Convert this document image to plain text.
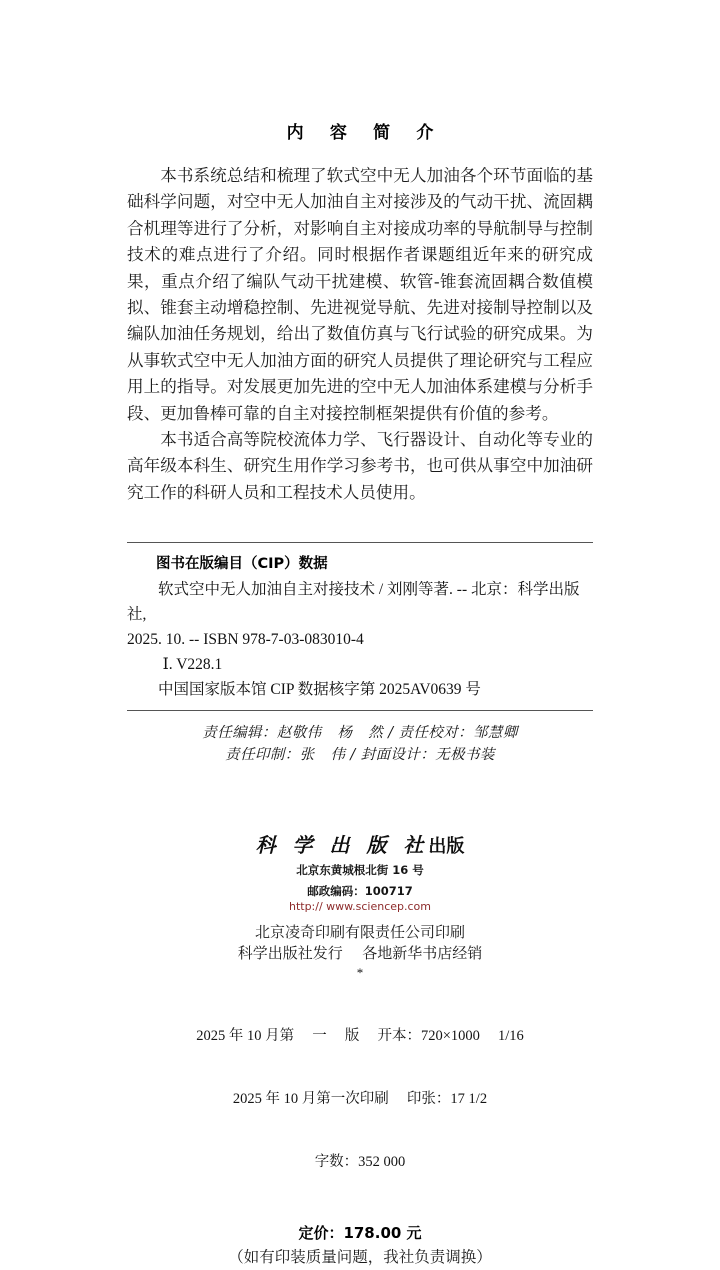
内 容 简 介

本书系统总结和梳理了软式空中无人加油各个环节面临的基础科学问题，对空中无人加油自主对接涉及的气动干扰、流固耦合机理等进行了分析，对影响自主对接成功率的导航制导与控制技术的难点进行了介绍。同时根据作者课题组近年来的研究成果，重点介绍了编队气动干扰建模、软管-锥套流固耦合数值模拟、锥套主动增稳控制、先进视觉导航、先进对接制导控制以及编队加油任务规划，给出了数值仿真与飞行试验的研究成果。为从事软式空中无人加油方面的研究人员提供了理论研究与工程应用上的指导。对发展更加先进的空中无人加油体系建模与分析手段、更加鲁棒可靠的自主对接控制框架提供有价值的参考。

本书适合高等院校流体力学、飞行器设计、自动化等专业的高年级本科生、研究生用作学习参考书，也可供从事空中加油研究工作的科研人员和工程技术人员使用。

图书在版编目（CIP）数据
软式空中无人加油自主对接技术 / 刘刚等著. -- 北京：科学出版社,
2025. 10. -- ISBN 978-7-03-083010-4
Ⅰ. V228.1
中国国家版本馆 CIP 数据核字第 2025AV0639 号
责任编辑：赵敬伟 杨 然 / 责任校对：邹慧卿
责任印制：张 伟 / 封面设计：无极书装
科 学 出 版 社出版
北京东黄城根北街 16 号
邮政编码：100717
http:// www.sciencep.com
北京凌奇印刷有限责任公司印刷
科学出版社发行 各地新华书店经销
*

2025 年 10 月第　 一　 版　 开本：720×1000　 1/16

2025 年 10 月第一次印刷　 印张：17 1/2

字数：352 000

定价：178.00 元
（如有印装质量问题，我社负责调换）
